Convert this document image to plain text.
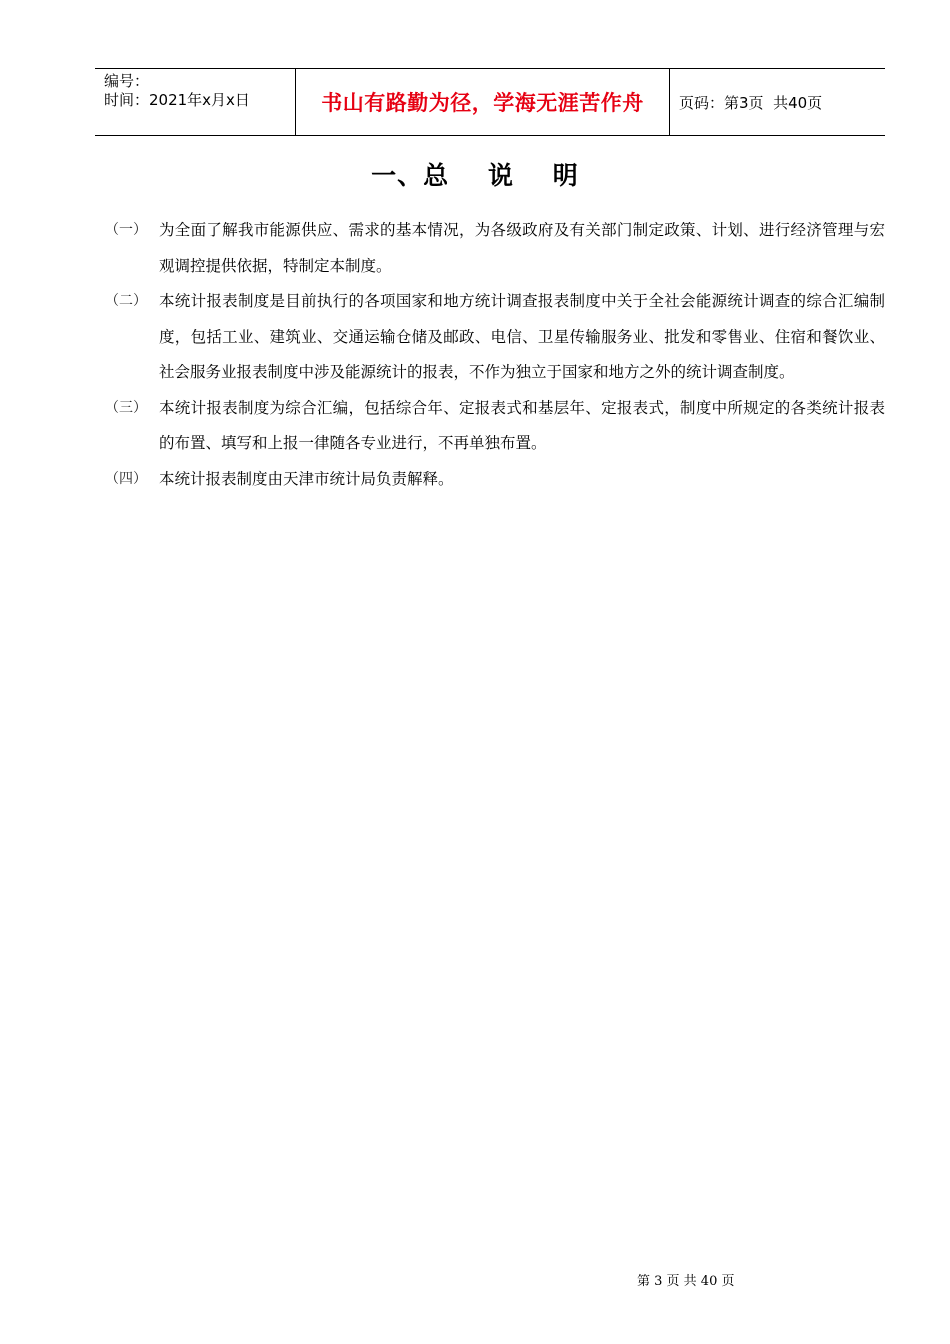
编号：
时间：2021年x月x日	书山有路勤为径，学海无涯苦作舟 页码：第3页  共40页
一、总    说    明
（一） 为全面了解我市能源供应、需求的基本情况，为各级政府及有关部门制定政策、计划、进行经济管理与宏观调控提供依据，特制定本制度。
（二） 本统计报表制度是目前执行的各项国家和地方统计调查报表制度中关于全社会能源统计调查的综合汇编制度，包括工业、建筑业、交通运输仓储及邮政、电信、卫星传输服务业、批发和零售业、住宿和餐饮业、社会服务业报表制度中涉及能源统计的报表，不作为独立于国家和地方之外的统计调查制度。
（三） 本统计报表制度为综合汇编，包括综合年、定报表式和基层年、定报表式，制度中所规定的各类统计报表的布置、填写和上报一律随各专业进行，不再单独布置。
（四） 本统计报表制度由天津市统计局负责解释。
第 3 页 共 40 页
